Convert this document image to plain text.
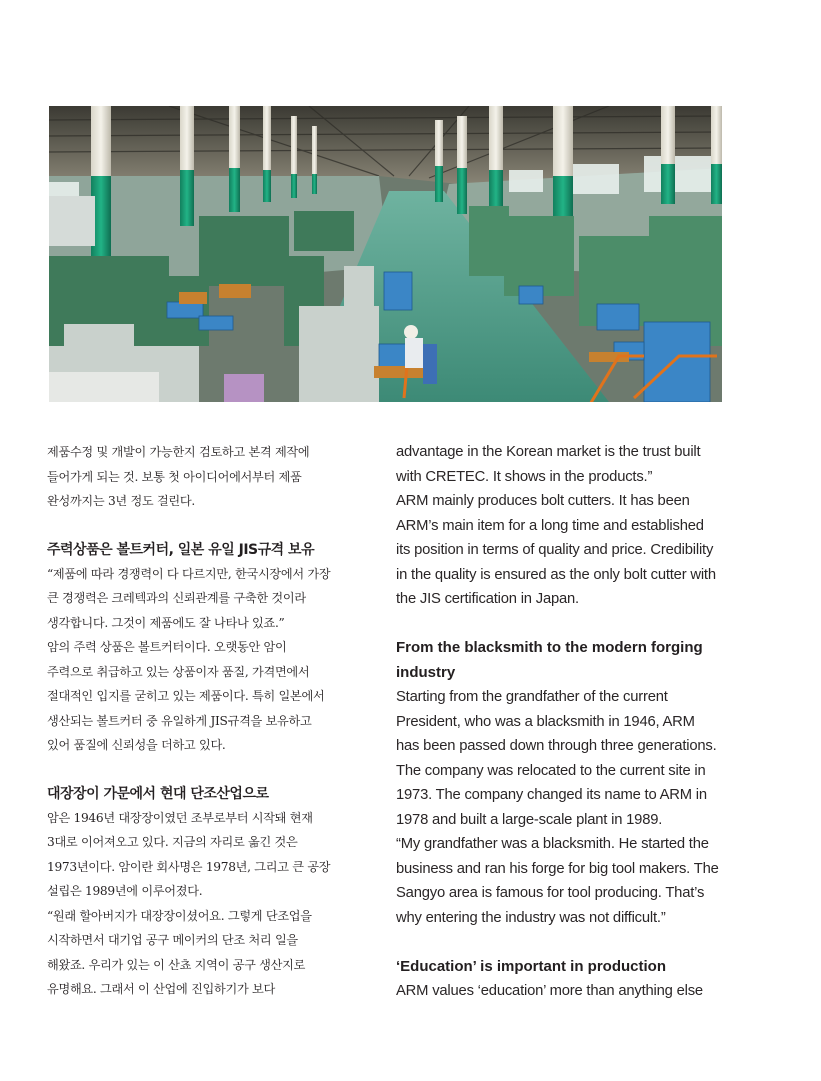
제품수정 및 개발이 가능한지 검토하고 본격 제작에
들어가게 되는 것. 보통 첫 아이디어에서부터 제품
완성까지는 3년 정도 걸린다.

주력상품은 볼트커터, 일본 유일 JIS규격 보유

“제품에 따라 경쟁력이 다 다르지만, 한국시장에서 가장
큰 경쟁력은 크레텍과의 신뢰관계를 구축한 것이라
생각합니다. 그것이 제품에도 잘 나타나 있죠.”
암의 주력 상품은 볼트커터이다. 오랫동안 암이
주력으로 취급하고 있는 상품이자 품질, 가격면에서
절대적인 입지를 굳히고 있는 제품이다. 특히 일본에서
생산되는 볼트커터 중 유일하게 JIS규격을 보유하고
있어 품질에 신뢰성을 더하고 있다.

대장장이 가문에서 현대 단조산업으로

암은 1946년 대장장이였던 조부로부터 시작돼 현재
3대로 이어져오고 있다. 지금의 자리로 옮긴 것은
1973년이다. 암이란 회사명은 1978년, 그리고 큰 공장
설립은 1989년에 이루어졌다.
“원래 할아버지가 대장장이셨어요. 그렇게 단조업을
시작하면서 대기업 공구 메이커의 단조 처리 일을
해왔죠. 우리가 있는 이 산쵸 지역이 공구 생산지로
유명해요. 그래서 이 산업에 진입하기가 보다

advantage in the Korean market is the trust built
with CRETEC. It shows in the products.”
ARM mainly produces bolt cutters. It has been
ARM’s main item for a long time and established
its position in terms of quality and price. Credibility
in the quality is ensured as the only bolt cutter with
the JIS certification in Japan.

From the blacksmith to the modern forging
industry

Starting from the grandfather of the current
President, who was a blacksmith in 1946, ARM
has been passed down through three generations.
The company was relocated to the current site in
1973. The company changed its name to ARM in
1978 and built a large-scale plant in 1989.
“My grandfather was a blacksmith. He started the
business and ran his forge for big tool makers. The
Sangyo area is famous for tool producing. That’s
why entering the industry was not difficult.”

‘Education’ is important in production

ARM values ‘education’ more than anything else
